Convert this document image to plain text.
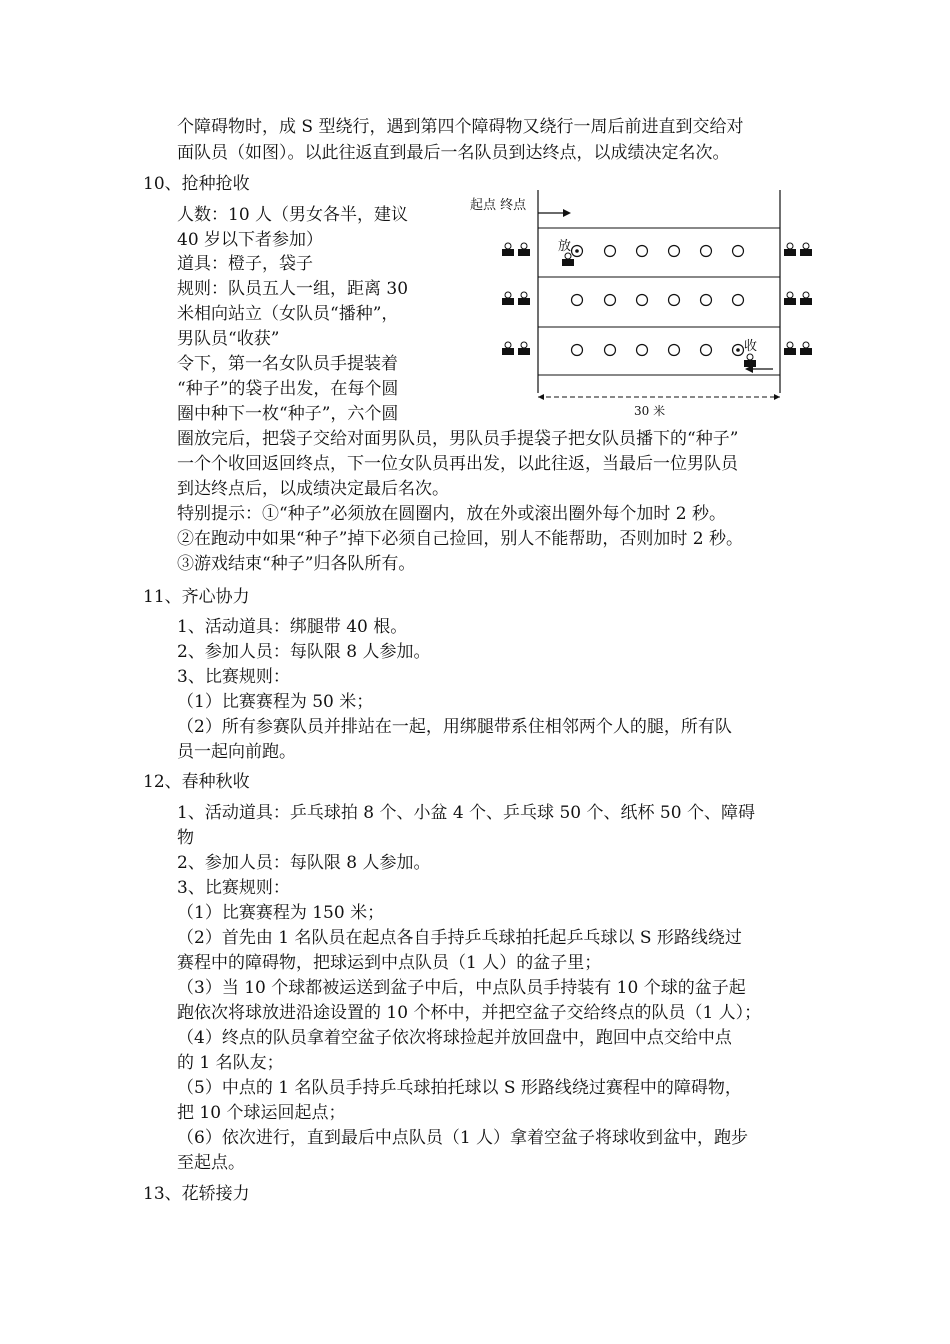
个障碍物时，成 S 型绕行，遇到第四个障碍物又绕行一周后前进直到交给对
面队员（如图）。以此往返直到最后一名队员到达终点，以成绩决定名次。
10、抢种抢收
人数：10 人（男女各半，建议
40 岁以下者参加）
道具：橙子，袋子
规则：队员五人一组，距离 30
米相向站立（女队员“播种”，
男队员“收获”
令下，第一名女队员手提装着
“种子”的袋子出发，在每个圆
圈中种下一枚“种子”，六个圆
圈放完后，把袋子交给对面男队员，男队员手提袋子把女队员播下的“种子”
一个个收回返回终点，下一位女队员再出发，以此往返，当最后一位男队员
到达终点后，以成绩决定最后名次。
特别提示：①“种子”必须放在圆圈内，放在外或滚出圈外每个加时 2 秒。
②在跑动中如果“种子”掉下必须自己捡回，别人不能帮助，否则加时 2 秒。
③游戏结束“种子”归各队所有。
起点 终点
放
收
30 米
11、齐心协力
1、活动道具：绑腿带 40 根。
2、参加人员：每队限 8 人参加。
3、比赛规则：
（1）比赛赛程为 50 米；
（2）所有参赛队员并排站在一起，用绑腿带系住相邻两个人的腿，所有队
员一起向前跑。
12、春种秋收
1、活动道具：乒乓球拍 8 个、小盆 4 个、乒乓球 50 个、纸杯 50 个、障碍
物
2、参加人员：每队限 8 人参加。
3、比赛规则：
（1）比赛赛程为 150 米；
（2）首先由 1 名队员在起点各自手持乒乓球拍托起乒乓球以 S 形路线绕过
赛程中的障碍物，把球运到中点队员（1 人）的盆子里；
（3）当 10 个球都被运送到盆子中后，中点队员手持装有 10 个球的盆子起
跑依次将球放进沿途设置的 10 个杯中，并把空盆子交给终点的队员（1 人）；
（4）终点的队员拿着空盆子依次将球捡起并放回盘中，跑回中点交给中点
的 1 名队友；
（5）中点的 1 名队员手持乒乓球拍托球以 S 形路线绕过赛程中的障碍物，
把 10 个球运回起点；
（6）依次进行，直到最后中点队员（1 人）拿着空盆子将球收到盆中，跑步
至起点。
13、花轿接力
